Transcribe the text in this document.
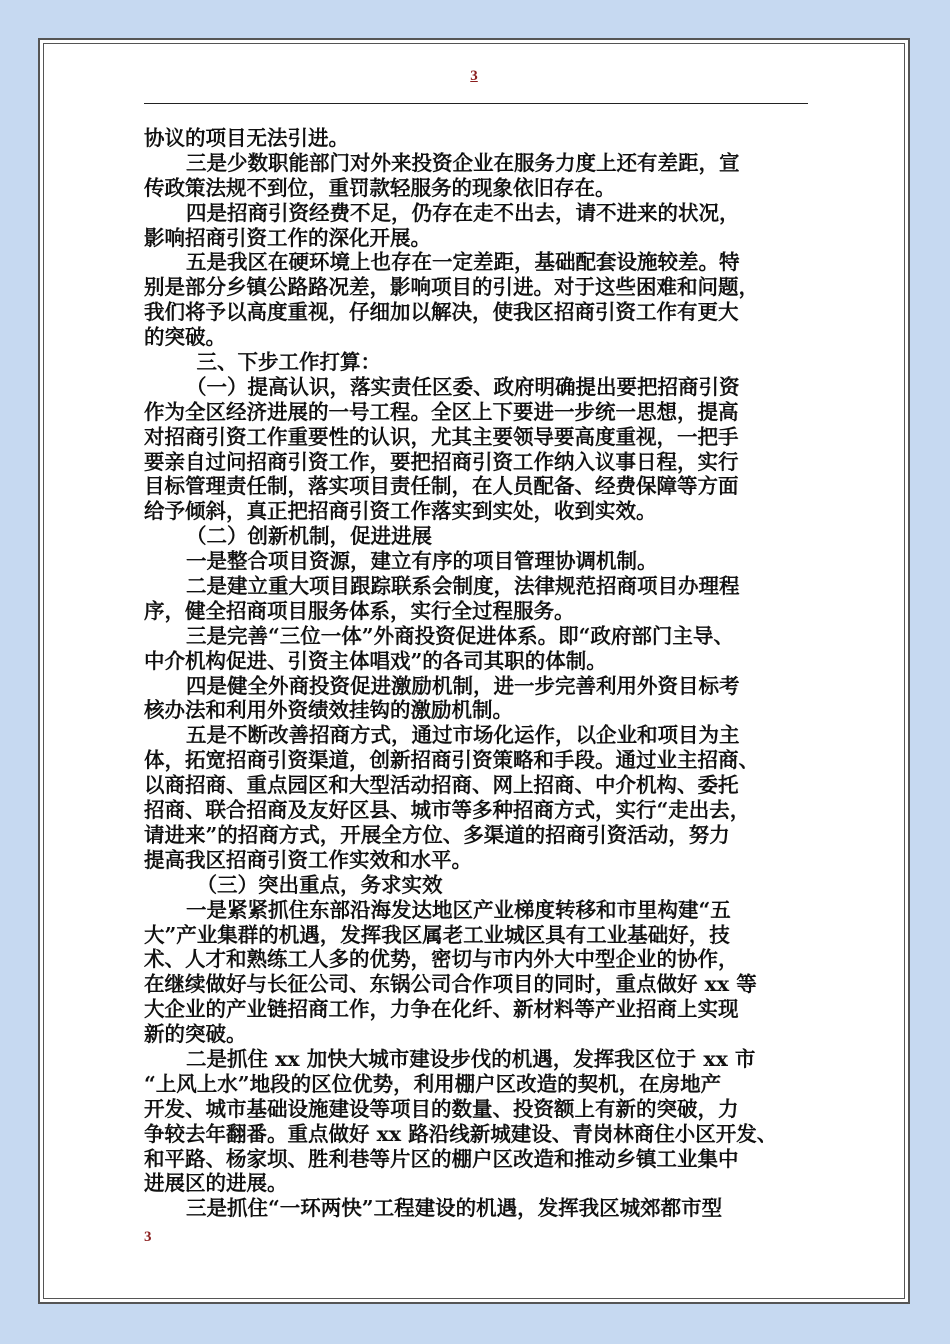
3
协议的项目无法引进。
三是少数职能部门对外来投资企业在服务力度上还有差距，宣
传政策法规不到位，重罚款轻服务的现象依旧存在。
四是招商引资经费不足，仍存在走不出去，请不进来的状况，
影响招商引资工作的深化开展。
五是我区在硬环境上也存在一定差距，基础配套设施较差。特
别是部分乡镇公路路况差，影响项目的引进。对于这些困难和问题，
我们将予以高度重视，仔细加以解决，使我区招商引资工作有更大
的突破。
三、下步工作打算：
（一）提高认识，落实责任区委、政府明确提出要把招商引资
作为全区经济进展的一号工程。全区上下要进一步统一思想，提高
对招商引资工作重要性的认识，尤其主要领导要高度重视，一把手
要亲自过问招商引资工作，要把招商引资工作纳入议事日程，实行
目标管理责任制，落实项目责任制，在人员配备、经费保障等方面
给予倾斜，真正把招商引资工作落实到实处，收到实效。
（二）创新机制，促进进展
一是整合项目资源，建立有序的项目管理协调机制。
二是建立重大项目跟踪联系会制度，法律规范招商项目办理程
序，健全招商项目服务体系，实行全过程服务。
三是完善“三位一体”外商投资促进体系。即“政府部门主导、
中介机构促进、引资主体唱戏”的各司其职的体制。
四是健全外商投资促进激励机制，进一步完善利用外资目标考
核办法和利用外资绩效挂钩的激励机制。
五是不断改善招商方式，通过市场化运作，以企业和项目为主
体，拓宽招商引资渠道，创新招商引资策略和手段。通过业主招商、
以商招商、重点园区和大型活动招商、网上招商、中介机构、委托
招商、联合招商及友好区县、城市等多种招商方式，实行“走出去，
请进来”的招商方式，开展全方位、多渠道的招商引资活动，努力
提高我区招商引资工作实效和水平。
（三）突出重点，务求实效
一是紧紧抓住东部沿海发达地区产业梯度转移和市里构建“五
大”产业集群的机遇，发挥我区属老工业城区具有工业基础好，技
术、人才和熟练工人多的优势，密切与市内外大中型企业的协作，
在继续做好与长征公司、东锅公司合作项目的同时，重点做好 xx 等
大企业的产业链招商工作，力争在化纤、新材料等产业招商上实现
新的突破。
二是抓住 xx 加快大城市建设步伐的机遇，发挥我区位于 xx 市
“上风上水”地段的区位优势，利用棚户区改造的契机，在房地产
开发、城市基础设施建设等项目的数量、投资额上有新的突破，力
争较去年翻番。重点做好 xx 路沿线新城建设、青岗林商住小区开发、
和平路、杨家坝、胜利巷等片区的棚户区改造和推动乡镇工业集中
进展区的进展。
三是抓住“一环两快”工程建设的机遇，发挥我区城郊都市型
3
